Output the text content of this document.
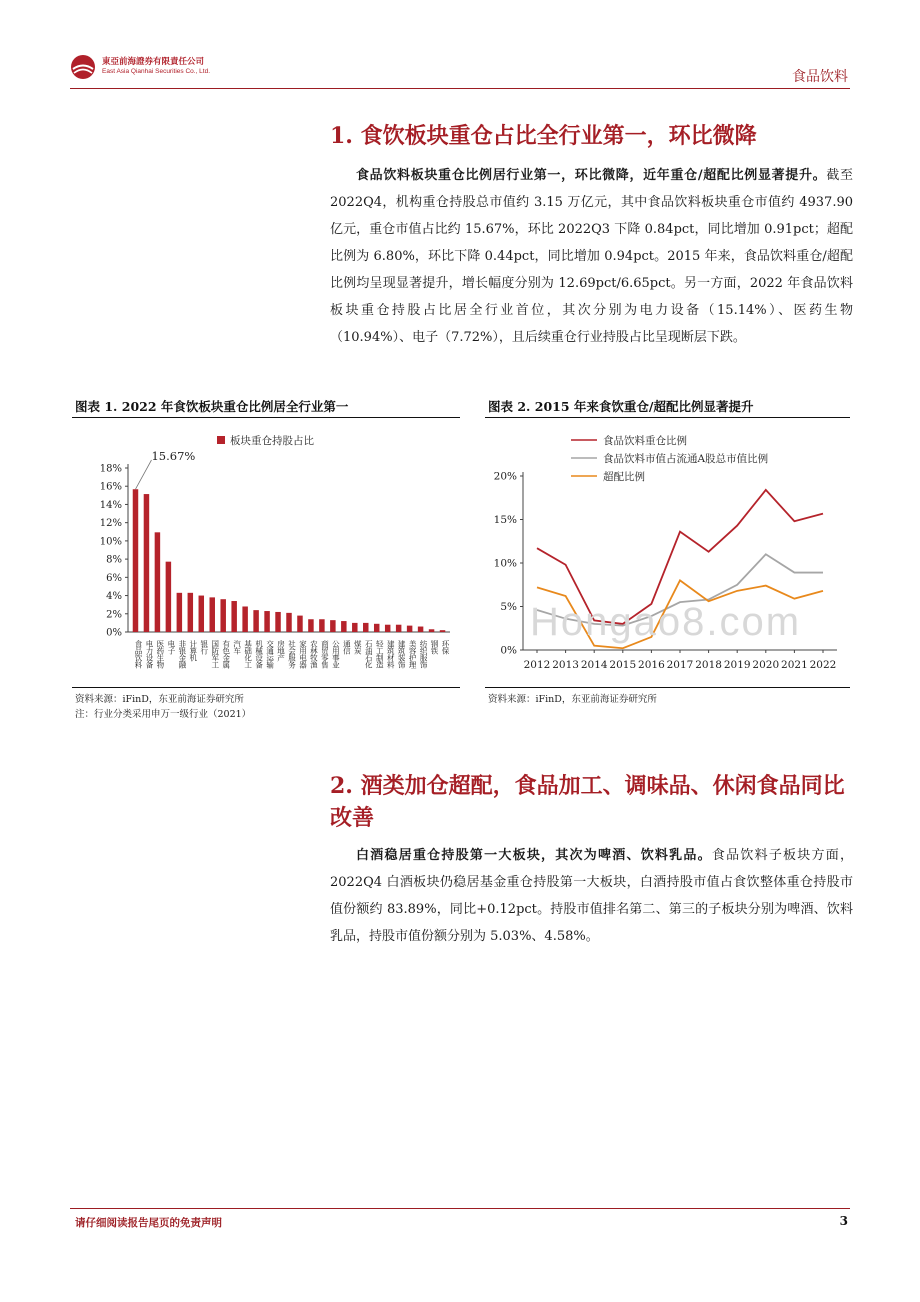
東亞前海證券有限責任公司
East Asia Qianhai Securities Co., Ltd.	食品饮料
1. 食饮板块重仓占比全行业第一，环比微降

食品饮料板块重仓比例居行业第一，环比微降，近年重仓/超配比例显著提升。截至 2022Q4，机构重仓持股总市值约 3.15 万亿元，其中食品饮料板块重仓市值约 4937.90 亿元，重仓市值占比约 15.67%，环比 2022Q3 下降 0.84pct，同比增加 0.91pct；超配比例为 6.80%，环比下降 0.44pct，同比增加 0.94pct。2015 年来，食品饮料重仓/超配比例均呈现显著提升，增长幅度分别为 12.69pct/6.65pct。另一方面，2022 年食品饮料板块重仓持股占比居全行业首位，其次分别为电力设备（15.14%）、医药生物（10.94%）、电子（7.72%），且后续重仓行业持股占比呈现断层下跌。

图表 1. 2022 年食饮板块重仓比例居全行业第一
板块重仓持股占比
0%
2%
4%
6%
8%
10%
12%
14%
16%
18%
食品饮料 电力设备 医药生物 电子 非银金融 计算机 银行 国防军工 有色金属 汽车 基础化工 机械设备 交通运输 房地产 社会服务 家用电器 农林牧渔 商贸零售 公用事业 通信 煤炭 石油石化 轻工制造 建筑材料 建筑装饰 美容护理 纺织服饰 钢铁 环保
15.67%
资料来源：iFinD，东亚前海证券研究所
注：行业分类采用申万一级行业（2021）
图表 2. 2015 年来食饮重仓/超配比例显著提升
食品饮料重仓比例
食品饮料市值占流通A股总市值比例
超配比例
0%
5%
10%
15%
20%
2012 2013 2014 2015 2016 2017 2018 2019 2020 2021 2022
资料来源：iFinD，东亚前海证券研究所
Hongao8.com
2. 酒类加仓超配，食品加工、调味品、休闲食品同比改善

白酒稳居重仓持股第一大板块，其次为啤酒、饮料乳品。食品饮料子板块方面，2022Q4 白酒板块仍稳居基金重仓持股第一大板块，白酒持股市值占食饮整体重仓持股市值份额约 83.89%，同比+0.12pct。持股市值排名第二、第三的子板块分别为啤酒、饮料乳品，持股市值份额分别为 5.03%、4.58%。

请仔细阅读报告尾页的免责声明	3
